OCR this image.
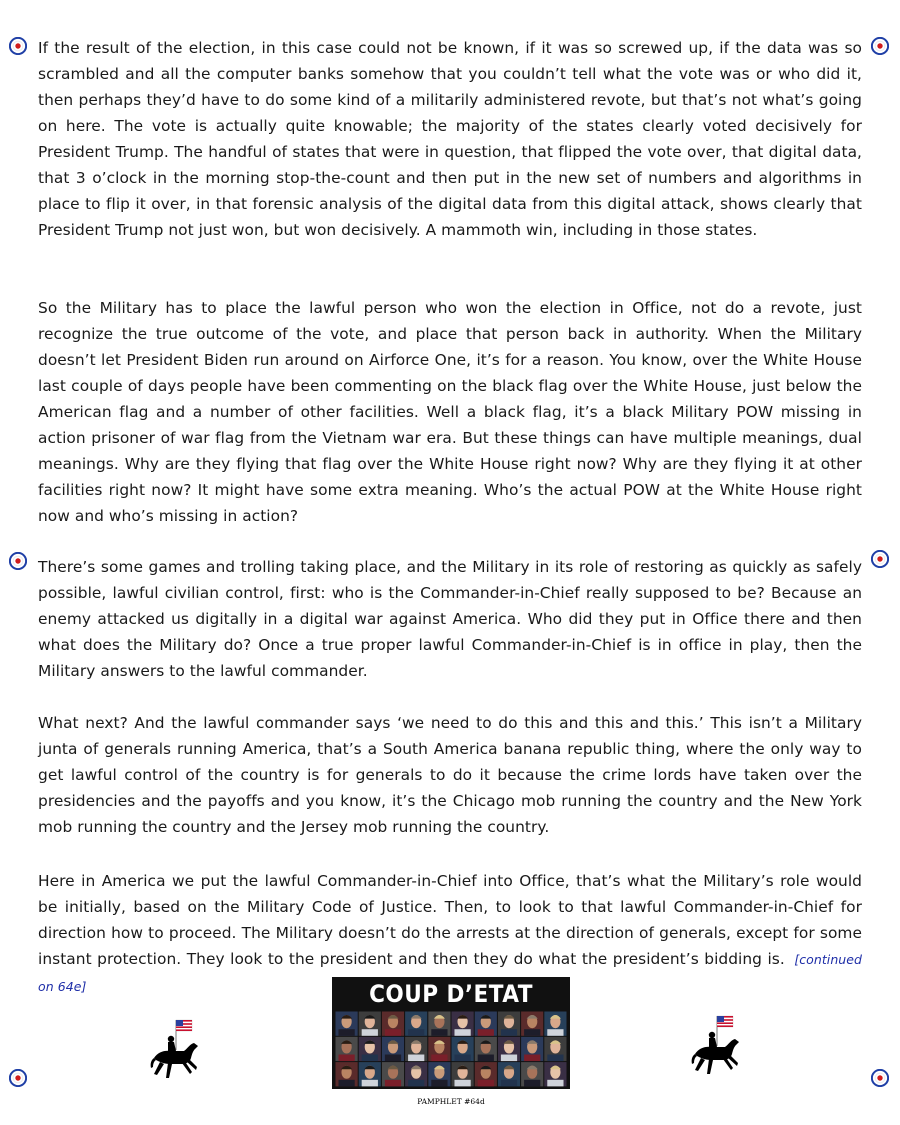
If the result of the election, in this case could not be known, if it was so screwed up, if the data was so scrambled and all the computer banks somehow that you couldn’t tell what the vote was or who did it, then perhaps they’d have to do some kind of a militarily administered revote, but that’s not what’s going on here. The vote is actually quite knowable; the majority of the states clearly voted decisively for President Trump. The handful of states that were in question, that flipped the vote over, that digital data, that 3 o’clock in the morning stop-the-count and then put in the new set of numbers and algorithms in place to flip it over, in that forensic analysis of the digital data from this digital attack, shows clearly that President Trump not just won, but won decisively. A mammoth win, including in those states.

So the Military has to place the lawful person who won the election in Office, not do a revote, just recognize the true outcome of the vote, and place that person back in authority. When the Military doesn’t let President Biden run around on Airforce One, it’s for a reason. You know, over the White House last couple of days people have been commenting on the black flag over the White House, just below the American flag and a number of other facilities. Well a black flag, it’s a black Military POW missing in action prisoner of war flag from the Vietnam war era. But these things can have multiple meanings, dual meanings. Why are they flying that flag over the White House right now? Why are they flying it at other facilities right now? It might have some extra meaning. Who’s the actual POW at the White House right now and who’s missing in action?

There’s some games and trolling taking place, and the Military in its role of restoring as quickly as safely possible, lawful civilian control, first: who is the Commander-in-Chief really supposed to be? Because an enemy attacked us digitally in a digital war against America. Who did they put in Office there and then what does the Military do? Once a true proper lawful Commander-in-Chief is in office in play, then the Military answers to the lawful commander.

What next? And the lawful commander says ‘we need to do this and this and this.’ This isn’t a Military junta of generals running America, that’s a South America banana republic thing, where the only way to get lawful control of the country is for generals to do it because the crime lords have taken over the presidencies and the payoffs and you know, it’s the Chicago mob running the country and the New York mob running the country and the Jersey mob running the country.

Here in America we put the lawful Commander-in-Chief into Office, that’s what the Military’s role would be initially, based on the Military Code of Justice. Then, to look to that lawful Commander-in-Chief for direction how to proceed. The Military doesn’t do the arrests at the direction of generals, except for some instant protection. They look to the president and then they do what the president’s bidding is. [continued on 64e]	COUP D’ETAT
PAMPHLET #64d
